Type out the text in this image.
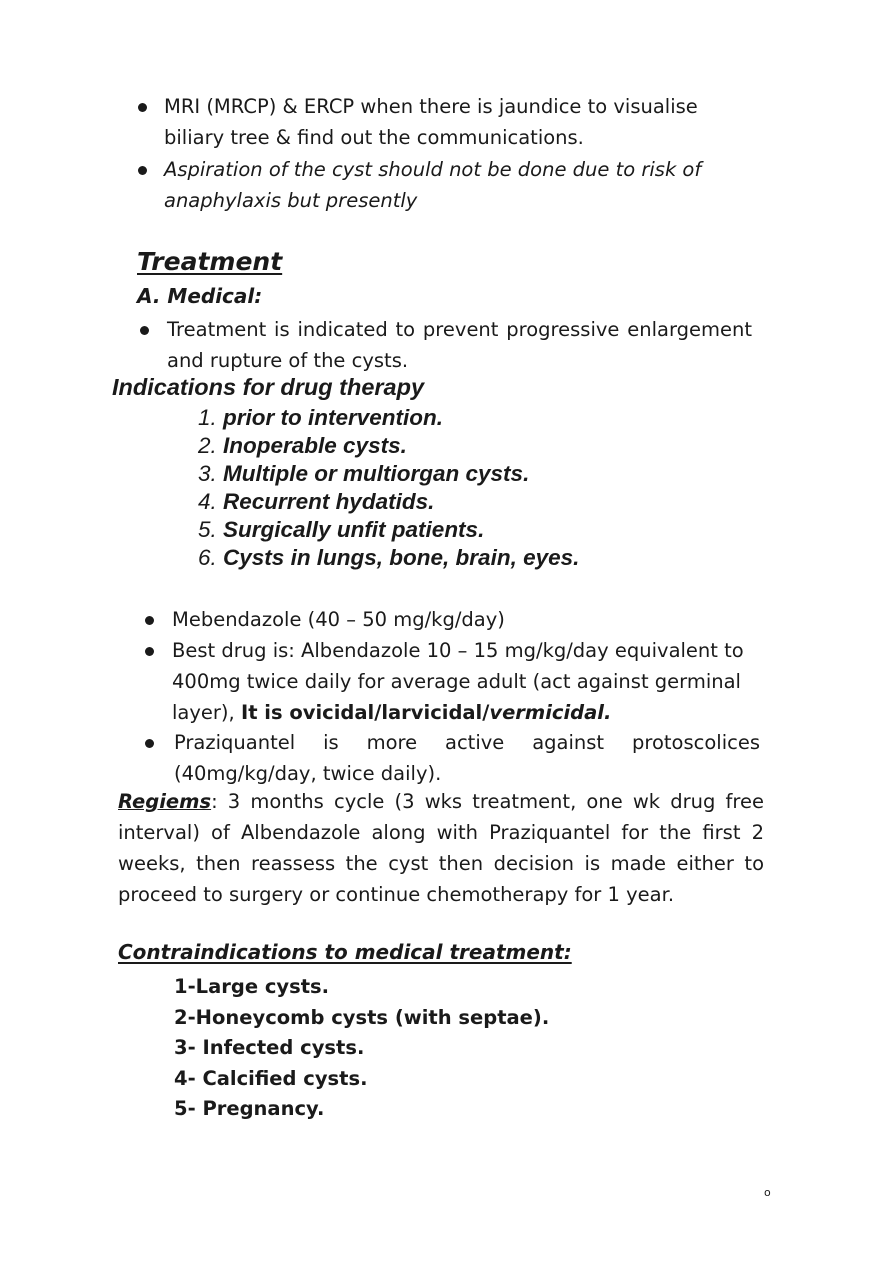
MRI (MRCP) & ERCP when there is jaundice to visualise biliary tree & find out the communications.
Aspiration of the cyst should not be done due to risk of anaphylaxis but presently
Treatment
A. Medical:
Treatment is indicated to prevent progressive enlargement and rupture of the cysts.
Indications for drug therapy
1. prior to intervention.
2. Inoperable cysts.
3. Multiple or multiorgan cysts.
4. Recurrent hydatids.
5. Surgically unfit patients.
6. Cysts in lungs, bone, brain, eyes.
Mebendazole (40 – 50 mg/kg/day)
Best drug is: Albendazole 10 – 15 mg/kg/day equivalent to 400mg twice daily for average adult (act against germinal layer), It is ovicidal/larvicidal/vermicidal.
Praziquantel is more active against protoscolices (40mg/kg/day, twice daily).
Regiems: 3 months cycle (3 wks treatment, one wk drug free interval) of Albendazole along with Praziquantel for the first 2 weeks, then reassess the cyst then decision is made either to proceed to surgery or continue chemotherapy for 1 year.
Contraindications to medical treatment:
1-Large cysts.
2-Honeycomb cysts (with septae).
3- Infected cysts.
4- Calcified cysts.
5- Pregnancy.
o
